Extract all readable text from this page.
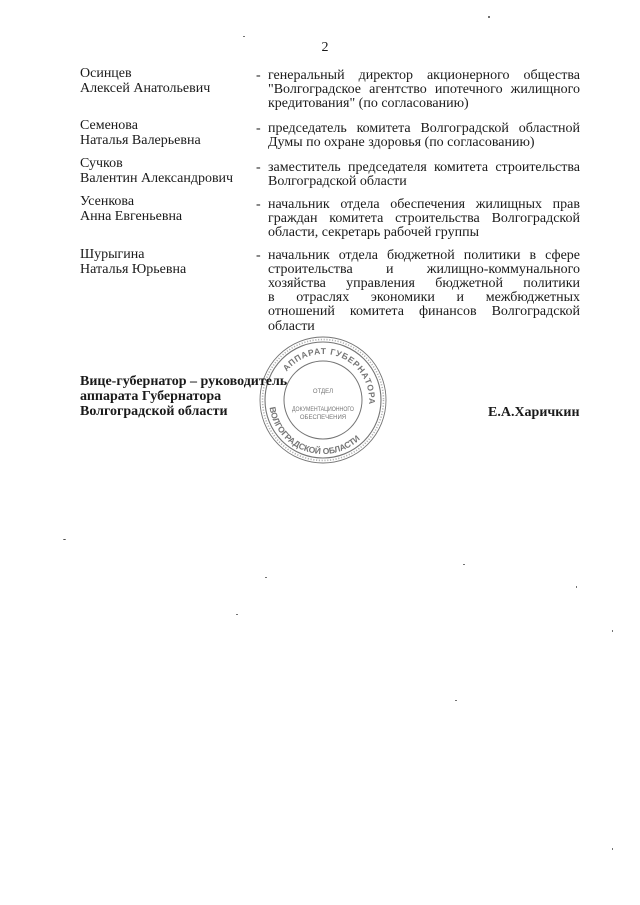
2
Осинцев
Алексей Анатольевич
- генеральный директор акционерного общества
"Волгоградское агентство ипотечного жилищного
кредитования" (по согласованию)
Семенова
Наталья Валерьевна
- председатель комитета Волгоградской областной
Думы по охране здоровья (по согласованию)
Сучков
Валентин Александрович
- заместитель председателя комитета строительства
Волгоградской области
Усенкова
Анна Евгеньевна
- начальник отдела обеспечения жилищных прав
граждан комитета строительства Волгоградской
области, секретарь рабочей группы
Шурыгина
Наталья Юрьевна
- начальник отдела бюджетной политики в сфере
строительства и жилищно-коммунального
хозяйства управления бюджетной политики
в отраслях экономики и межбюджетных
отношений комитета финансов Волгоградской
области
Вице-губернатор – руководитель
аппарата Губернатора
Волгоградской области	Е.А.Харичкин
АППАРАТ ГУБЕРНАТОРА
ВОЛГОГРАДСКОЙ ОБЛАСТИ
ОТДЕЛ
ДОКУМЕНТАЦИОННОГО
ОБЕСПЕЧЕНИЯ
